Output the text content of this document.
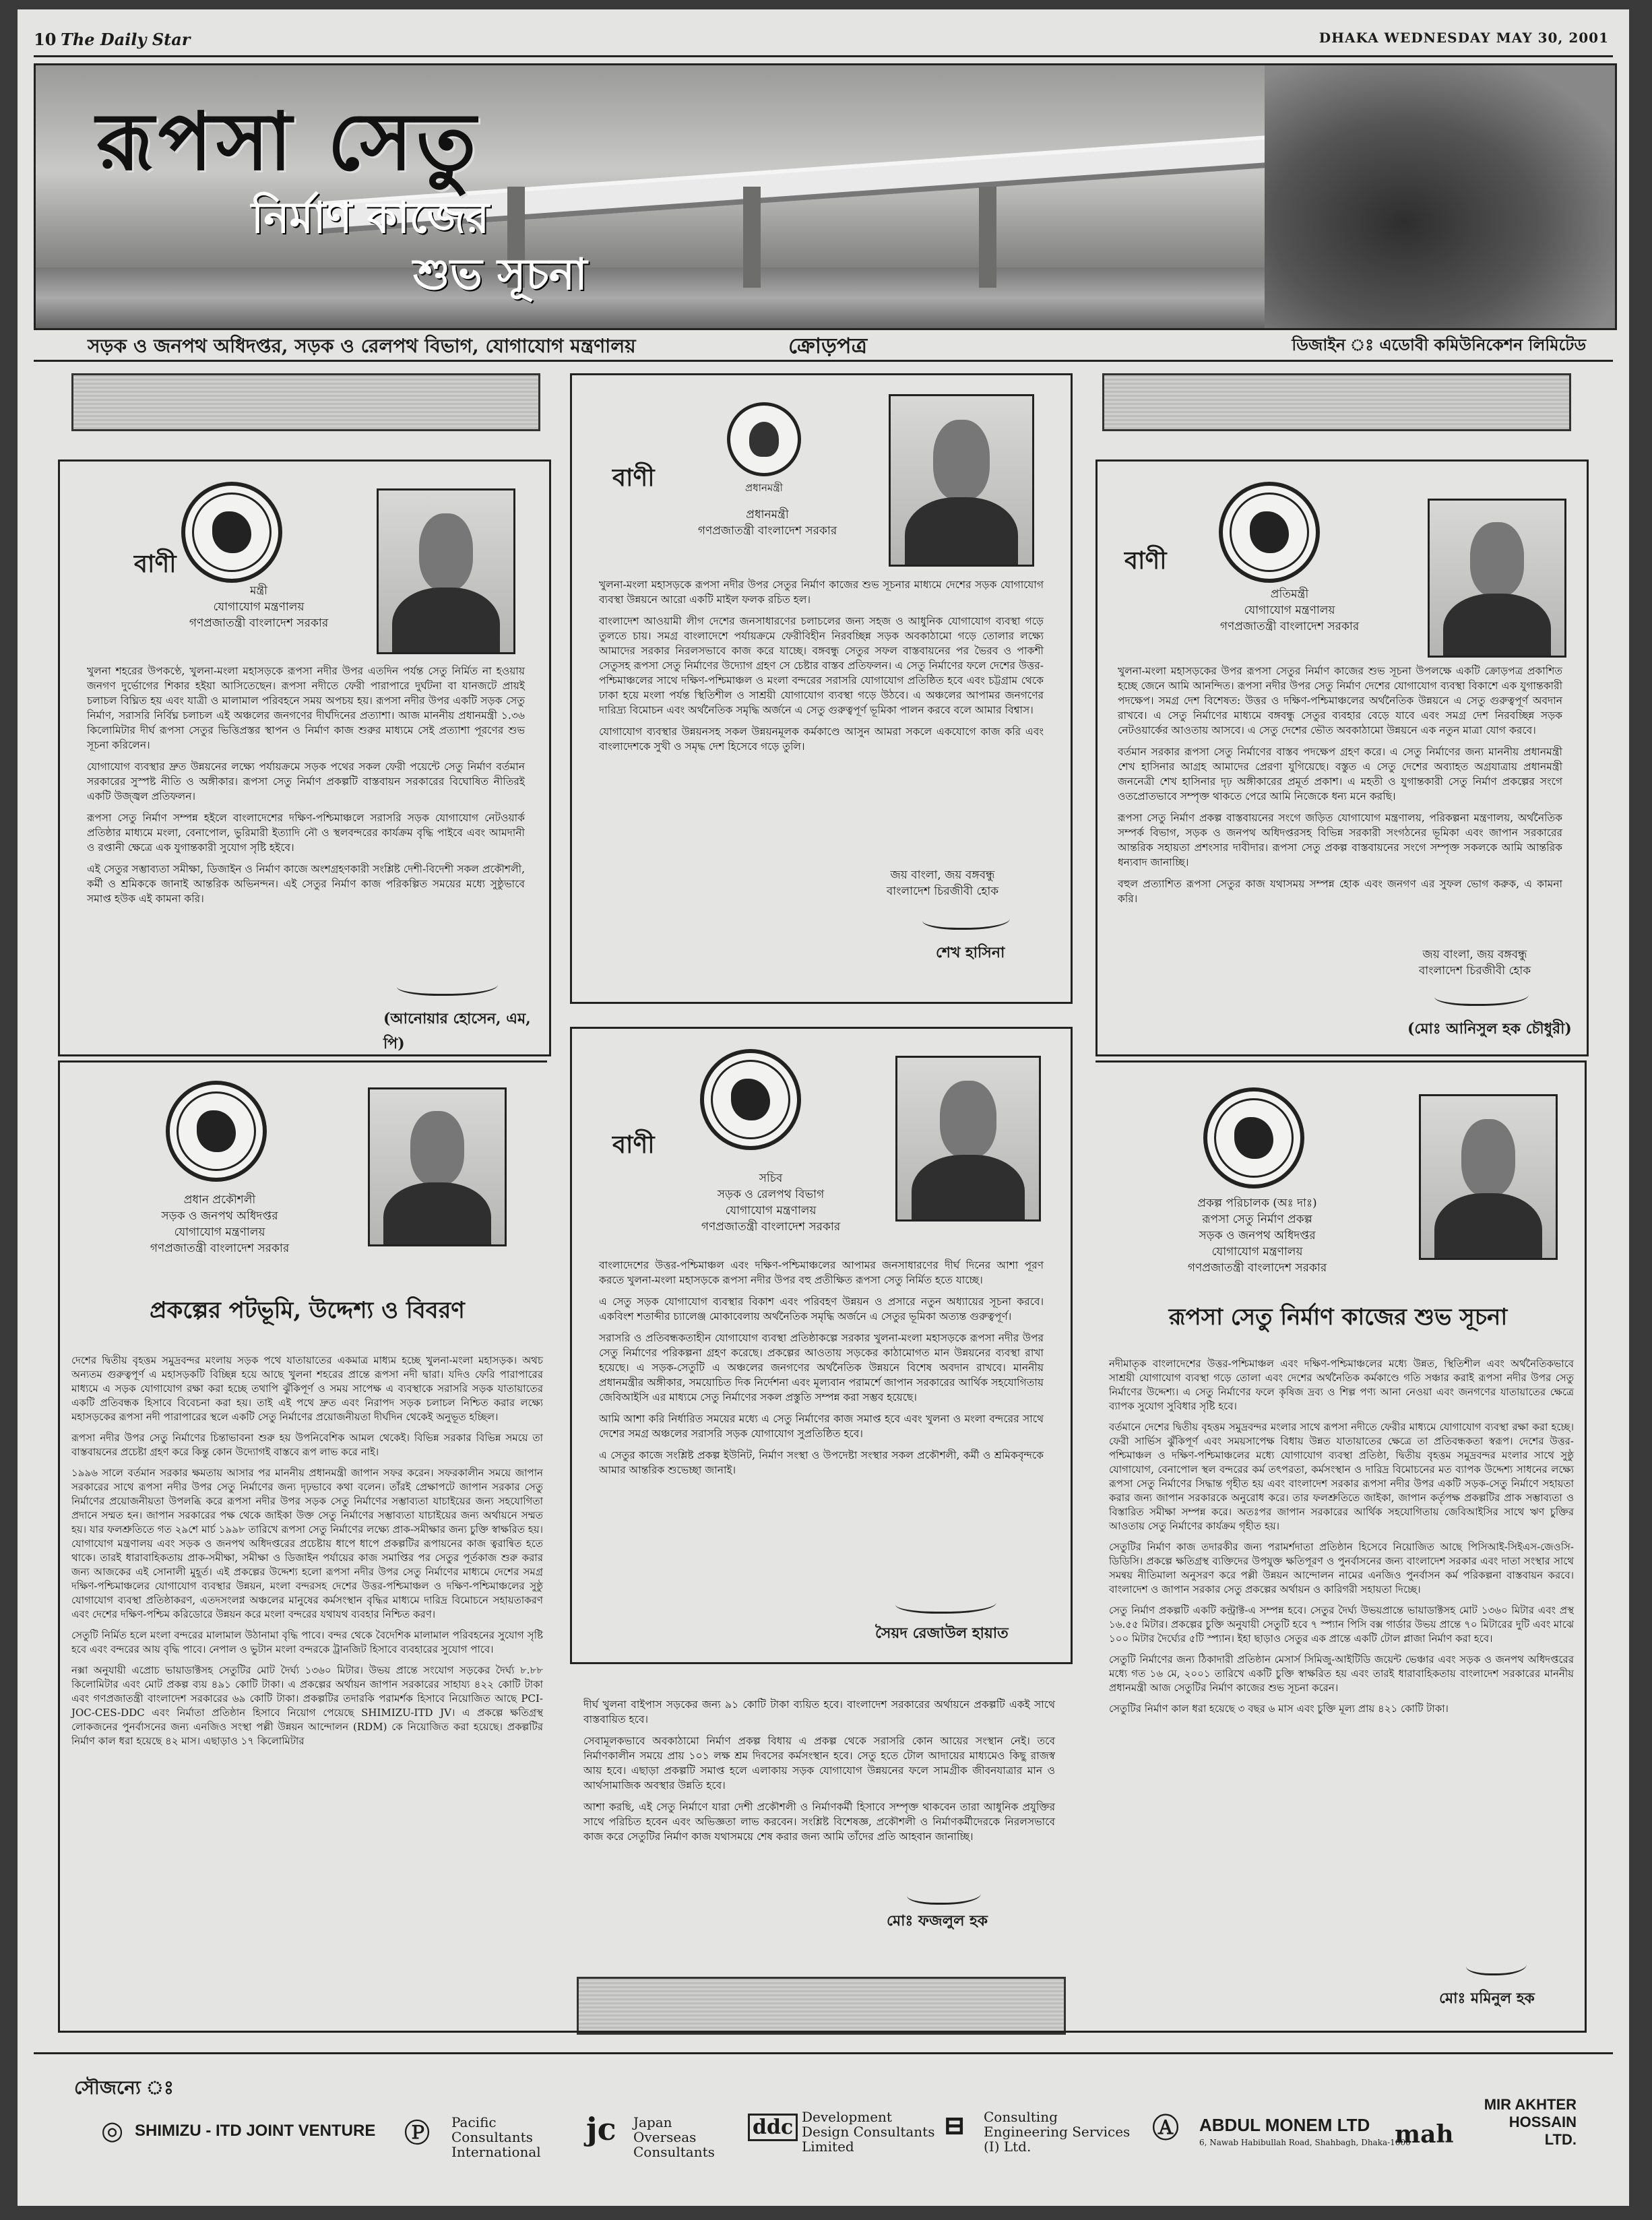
10 The Daily Star	DHAKA WEDNESDAY MAY 30, 2001
রূপসা সেতু
নির্মাণ কাজের
শুভ সূচনা
সড়ক ও জনপথ অধিদপ্তর, সড়ক ও রেলপথ বিভাগ, যোগাযোগ মন্ত্রণালয়	ক্রোড়পত্র	ডিজাইন ঃ এডোবী কমিউনিকেশন লিমিটেড
বাণী
মন্ত্রী
যোগাযোগ মন্ত্রণালয়
গণপ্রজাতন্ত্রী বাংলাদেশ সরকার

খুলনা শহরের উপকণ্ঠে, খুলনা-মংলা মহাসড়কে রূপসা নদীর উপর এতদিন পর্যন্ত সেতু নির্মিত না হওয়ায় জনগণ দুর্ভোগের শিকার হইয়া আসিতেছেন। রূপসা নদীতে ফেরী পারাপারে দুর্ঘটনা বা যানজটে প্রায়ই চলাচল বিঘ্নিত হয় এবং যাত্রী ও মালামাল পরিবহনে সময় অপচয় হয়। রূপসা নদীর উপর একটি সড়ক সেতু নির্মাণ, সরাসরি নির্বিঘ্ন চলাচল এই অঞ্চলের জনগণের দীর্ঘদিনের প্রত্যাশা। আজ মাননীয় প্রধানমন্ত্রী ১.৩৬ কিলোমিটার দীর্ঘ রূপসা সেতুর ভিত্তিপ্রস্তর স্থাপন ও নির্মাণ কাজ শুরুর মাধ্যমে সেই প্রত্যাশা পূরণের শুভ সূচনা করিলেন।

যোগাযোগ ব্যবস্থার দ্রুত উন্নয়নের লক্ষ্যে পর্যায়ক্রমে সড়ক পথের সকল ফেরী পয়েন্টে সেতু নির্মাণ বর্তমান সরকারের সুস্পষ্ট নীতি ও অঙ্গীকার। রূপসা সেতু নির্মাণ প্রকল্পটি বাস্তবায়ন সরকারের বিঘোষিত নীতিরই একটি উজ্জ্বল প্রতিফলন।

রূপসা সেতু নির্মাণ সম্পন্ন হইলে বাংলাদেশের দক্ষিণ-পশ্চিমাঞ্চলে সরাসরি সড়ক যোগাযোগ নেটওয়ার্ক প্রতিষ্ঠার মাধ্যমে মংলা, বেনাপোল, ভুরিমারী ইত্যাদি নৌ ও স্থলবন্দরের কার্যক্রম বৃদ্ধি পাইবে এবং আমদানী ও রপ্তানী ক্ষেত্রে এক যুগান্তকারী সুযোগ সৃষ্টি হইবে।

এই সেতুর সম্ভাব্যতা সমীক্ষা, ডিজাইন ও নির্মাণ কাজে অংশগ্রহণকারী সংশ্লিষ্ট দেশী-বিদেশী সকল প্রকৌশলী, কর্মী ও শ্রমিককে জানাই আন্তরিক অভিনন্দন। এই সেতুর নির্মাণ কাজ পরিকল্পিত সময়ের মধ্যে সুষ্ঠুভাবে সমাপ্ত হউক এই কামনা করি।

(আনোয়ার হোসেন, এম, পি)
প্রধানমন্ত্রী
বাণী
প্রধানমন্ত্রী
গণপ্রজাতন্ত্রী বাংলাদেশ সরকার

খুলনা-মংলা মহাসড়কে রূপসা নদীর উপর সেতুর নির্মাণ কাজের শুভ সূচনার মাধ্যমে দেশের সড়ক যোগাযোগ ব্যবস্থা উন্নয়নে আরো একটি মাইল ফলক রচিত হল।

বাংলাদেশ আওয়ামী লীগ দেশের জনসাধারণের চলাচলের জন্য সহজ ও আধুনিক যোগাযোগ ব্যবস্থা গড়ে তুলতে চায়। সমগ্র বাংলাদেশে পর্যায়ক্রমে ফেরীবিহীন নিরবচ্ছিন্ন সড়ক অবকাঠামো গড়ে তোলার লক্ষ্যে আমাদের সরকার নিরলসভাবে কাজ করে যাচ্ছে। বঙ্গবন্ধু সেতুর সফল বাস্তবায়নের পর ভৈরব ও পাকশী সেতুসহ রূপসা সেতু নির্মাণের উদ্যোগ গ্রহণ সে চেষ্টার বাস্তব প্রতিফলন। এ সেতু নির্মাণের ফলে দেশের উত্তর-পশ্চিমাঞ্চলের সাথে দক্ষিণ-পশ্চিমাঞ্চল ও মংলা বন্দরের সরাসরি যোগাযোগ প্রতিষ্ঠিত হবে এবং চট্টগ্রাম থেকে ঢাকা হয়ে মংলা পর্যন্ত স্থিতিশীল ও সাশ্রয়ী যোগাযোগ ব্যবস্থা গড়ে উঠবে। এ অঞ্চলের আপামর জনগণের দারিদ্র্য বিমোচন এবং অর্থনৈতিক সমৃদ্ধি অর্জনে এ সেতু গুরুত্বপূর্ণ ভূমিকা পালন করবে বলে আমার বিশ্বাস।

যোগাযোগ ব্যবস্থার উন্নয়নসহ সকল উন্নয়নমূলক কর্মকাণ্ডে আসুন আমরা সকলে একযোগে কাজ করি এবং বাংলাদেশকে সুখী ও সমৃদ্ধ দেশ হিসেবে গড়ে তুলি।

জয় বাংলা, জয় বঙ্গবন্ধু
বাংলাদেশ চিরজীবী হোক
শেখ হাসিনা
বাণী
প্রতিমন্ত্রী
যোগাযোগ মন্ত্রণালয়
গণপ্রজাতন্ত্রী বাংলাদেশ সরকার

খুলনা-মংলা মহাসড়কের উপর রূপসা সেতুর নির্মাণ কাজের শুভ সূচনা উপলক্ষে একটি ক্রোড়পত্র প্রকাশিত হচ্ছে জেনে আমি আনন্দিত। রূপসা নদীর উপর সেতু নির্মাণ দেশের যোগাযোগ ব্যবস্থা বিকাশে এক যুগান্তকারী পদক্ষেপ। সমগ্র দেশ বিশেষত: উত্তর ও দক্ষিণ-পশ্চিমাঞ্চলের অর্থনৈতিক উন্নয়নে এ সেতু গুরুত্বপূর্ণ অবদান রাখবে। এ সেতু নির্মাণের মাধ্যমে বঙ্গবন্ধু সেতুর ব্যবহার বেড়ে যাবে এবং সমগ্র দেশ নিরবচ্ছিন্ন সড়ক নেটওয়ার্কের আওতায় আসবে। এ সেতু দেশের ভৌত অবকাঠামো উন্নয়নে এক নতুন মাত্রা যোগ করবে।

বর্তমান সরকার রূপসা সেতু নির্মাণের বাস্তব পদক্ষেপ গ্রহণ করে। এ সেতু নির্মাণের জন্য মাননীয় প্রধানমন্ত্রী শেখ হাসিনার আগ্রহ আমাদের প্রেরণা যুগিয়েছে। বস্তুত এ সেতু দেশের অব্যাহত অগ্রযাত্রায় প্রধানমন্ত্রী জননেত্রী শেখ হাসিনার দৃঢ় অঙ্গীকারের প্রমূর্ত প্রকাশ। এ মহতী ও যুগান্তকারী সেতু নির্মাণ প্রকল্পের সংগে ওতপ্রোতভাবে সম্পৃক্ত থাকতে পেরে আমি নিজেকে ধন্য মনে করছি।

রূপসা সেতু নির্মাণ প্রকল্প বাস্তবায়নের সংগে জড়িত যোগাযোগ মন্ত্রণালয়, পরিকল্পনা মন্ত্রণালয়, অর্থনৈতিক সম্পর্ক বিভাগ, সড়ক ও জনপথ অধিদপ্তরসহ বিভিন্ন সরকারী সংগঠনের ভূমিকা এবং জাপান সরকারের আন্তরিক সহায়তা প্রশংসার দাবীদার। রূপসা সেতু প্রকল্প বাস্তবায়নের সংগে সম্পৃক্ত সকলকে আমি আন্তরিক ধন্যবাদ জানাচ্ছি।

বহুল প্রত্যাশিত রূপসা সেতুর কাজ যথাসময় সম্পন্ন হোক এবং জনগণ এর সুফল ভোগ করুক, এ কামনা করি।

জয় বাংলা, জয় বঙ্গবন্ধু
বাংলাদেশ চিরজীবী হোক
(মোঃ আনিসুল হক চৌধুরী)
প্রধান প্রকৌশলী
সড়ক ও জনপথ অধিদপ্তর
যোগাযোগ মন্ত্রণালয়
গণপ্রজাতন্ত্রী বাংলাদেশ সরকার
প্রকল্পের পটভূমি, উদ্দেশ্য ও বিবরণ

দেশের দ্বিতীয় বৃহত্তম সমুদ্রবন্দর মংলায় সড়ক পথে যাতায়াতের একমাত্র মাধ্যম হচ্ছে খুলনা-মংলা মহাসড়ক। অথচ অন্যতম গুরুত্বপূর্ণ এ মহাসড়কটি বিচ্ছিন্ন হয়ে আছে খুলনা শহরের প্রান্তে রূপসা নদী দ্বারা। যদিও ফেরি পারাপারের মাধ্যমে এ সড়ক যোগাযোগ রক্ষা করা হচ্ছে তথাপি ঝুঁকিপূর্ণ ও সময় সাপেক্ষ এ ব্যবস্থাকে সরাসরি সড়ক যাতায়াতের একটি প্রতিবন্ধক হিসাবে বিবেচনা করা হয়। তাই এই পথে দ্রুত এবং নিরাপদ সড়ক চলাচল নিশ্চিত করার লক্ষ্যে মহাসড়কের রূপসা নদী পারাপারের স্থলে একটি সেতু নির্মাণের প্রয়োজনীয়তা দীর্ঘদিন থেকেই অনুভূত হচ্ছিল।

রূপসা নদীর উপর সেতু নির্মাণের চিন্তাভাবনা শুরু হয় উপনিবেশিক আমল থেকেই। বিভিন্ন সরকার বিভিন্ন সময়ে তা বাস্তবায়নের প্রচেষ্টা গ্রহণ করে কিন্তু কোন উদ্যোগই বাস্তবে রূপ লাভ করে নাই।

১৯৯৬ সালে বর্তমান সরকার ক্ষমতায় আসার পর মাননীয় প্রধানমন্ত্রী জাপান সফর করেন। সফরকালীন সময়ে জাপান সরকারের সাথে রূপসা নদীর উপর সেতু নির্মাণের জন্য দৃঢ়ভাবে কথা বলেন। তাঁরই প্রেক্ষাপটে জাপান সরকার সেতু নির্মাণের প্রয়োজনীয়তা উপলব্ধি করে রূপসা নদীর উপর সড়ক সেতু নির্মাণের সম্ভাব্যতা যাচাইয়ের জন্য সহযোগিতা প্রদানে সম্মত হন। জাপান সরকারের পক্ষ থেকে জাইকা উক্ত সেতু নির্মাণের সম্ভাব্যতা যাচাইয়ের জন্য অর্থায়নে সম্মত হয়। যার ফলশ্রুতিতে গত ২৯শে মার্চ ১৯৯৮ তারিখে রূপসা সেতু নির্মাণের লক্ষ্যে প্রাক-সমীক্ষার জন্য চুক্তি স্বাক্ষরিত হয়। যোগাযোগ মন্ত্রণালয় এবং সড়ক ও জনপথ অধিদপ্তরের প্রচেষ্টায় ধাপে ধাপে প্রকল্পটির রূপায়নের কাজ ত্বরান্বিত হতে থাকে। তারই ধারাবাহিকতায় প্রাক-সমীক্ষা, সমীক্ষা ও ডিজাইন পর্যায়ের কাজ সমাপ্তির পর সেতুর পূর্তকাজ শুরু করার জন্য আজকের এই সোনালী মুহূর্ত। এই প্রকল্পের উদ্দেশ্য হলো রূপসা নদীর উপর সেতু নির্মাণের মাধ্যমে দেশের সমগ্র দক্ষিণ-পশ্চিমাঞ্চলের যোগাযোগ ব্যবস্থার উন্নয়ন, মংলা বন্দরসহ দেশের উত্তর-পশ্চিমাঞ্চল ও দক্ষিণ-পশ্চিমাঞ্চলের সুষ্ঠু যোগাযোগ ব্যবস্থা প্রতিষ্ঠাকরণ, এতদসংলগ্ন অঞ্চলের মানুষের কর্মসংস্থান বৃদ্ধির মাধ্যমে দারিদ্র বিমোচনে সহায়তাকরণ এবং দেশের দক্ষিণ-পশ্চিম করিডোরে উন্নয়ন করে মংলা বন্দরের যথাযথ ব্যবহার নিশ্চিত করণ।

সেতুটি নির্মিত হলে মংলা বন্দরের মালামাল উঠানামা বৃদ্ধি পাবে। বন্দর থেকে বৈদেশিক মালামাল পরিবহনের সুযোগ সৃষ্টি হবে এবং বন্দরের আয় বৃদ্ধি পাবে। নেপাল ও ভুটান মংলা বন্দরকে ট্রানজিট হিসাবে ব্যবহারের সুযোগ পাবে।

নক্সা অনুযায়ী এপ্রোচ ভায়াডাক্টসহ সেতুটির মোট দৈর্ঘ্য ১৩৬০ মিটার। উভয় প্রান্তে সংযোগ সড়কের দৈর্ঘ্য ৮.৮৮ কিলোমিটার এবং মোট প্রকল্প ব্যয় ৪৯১ কোটি টাকা। এ প্রকল্পের অর্থায়ন জাপান সরকারের সাহায্য ৪২২ কোটি টাকা এবং গণপ্রজাতন্ত্রী বাংলাদেশ সরকারের ৬৯ কোটি টাকা। প্রকল্পটির তদারকি পরামর্শক হিসাবে নিয়োজিত আছে PCI-JOC-CES-DDC এবং নির্মাতা প্রতিষ্ঠান হিসাবে নিয়োগ পেয়েছে SHIMIZU-ITD JV। এ প্রকল্পে ক্ষতিগ্রস্থ লোকজনের পুনর্বাসনের জন্য এনজিও সংস্থা পল্লী উন্নয়ন আন্দোলন (RDM) কে নিয়োজিত করা হয়েছে। প্রকল্পটির নির্মাণ কাল ধরা হয়েছে ৪২ মাস। এছাড়াও ১৭ কিলোমিটার

বাণী
সচিব
সড়ক ও রেলপথ বিভাগ
যোগাযোগ মন্ত্রণালয়
গণপ্রজাতন্ত্রী বাংলাদেশ সরকার

বাংলাদেশের উত্তর-পশ্চিমাঞ্চল এবং দক্ষিণ-পশ্চিমাঞ্চলের আপামর জনসাধারণের দীর্ঘ দিনের আশা পূরণ করতে খুলনা-মংলা মহাসড়কে রূপসা নদীর উপর বহু প্রতীক্ষিত রূপসা সেতু নির্মিত হতে যাচ্ছে।

এ সেতু সড়ক যোগাযোগ ব্যবস্থার বিকাশ এবং পরিবহণ উন্নয়ন ও প্রসারে নতুন অধ্যায়ের সূচনা করবে। একবিংশ শতাব্দীর চ্যালেঞ্জ মোকাবেলায় অর্থনৈতিক সমৃদ্ধি অর্জনে এ সেতুর ভূমিকা অত্যন্ত গুরুত্বপূর্ণ।

সরাসরি ও প্রতিবন্ধকতাহীন যোগাযোগ ব্যবস্থা প্রতিষ্ঠাকল্পে সরকার খুলনা-মংলা মহাসড়কে রূপসা নদীর উপর সেতু নির্মাণের পরিকল্পনা গ্রহণ করেছে। প্রকল্পের আওতায় সড়কের কাঠামোগত মান উন্নয়নের ব্যবস্থা রাখা হয়েছে। এ সড়ক-সেতুটি এ অঞ্চলের জনগণের অর্থনৈতিক উন্নয়নে বিশেষ অবদান রাখবে। মাননীয় প্রধানমন্ত্রীর অঙ্গীকার, সময়োচিত দিক নির্দেশনা এবং মূল্যবান পরামর্শে জাপান সরকারের আর্থিক সহযোগিতায় জেবিআইসি এর মাধ্যমে সেতু নির্মাণের সকল প্রস্তুতি সম্পন্ন করা সম্ভব হয়েছে।

আমি আশা করি নির্ধারিত সময়ের মধ্যে এ সেতু নির্মাণের কাজ সমাপ্ত হবে এবং খুলনা ও মংলা বন্দরের সাথে দেশের সমগ্র অঞ্চলের সরাসরি সড়ক যোগাযোগ সুপ্রতিষ্ঠিত হবে।

এ সেতুর কাজে সংশ্লিষ্ট প্রকল্প ইউনিট, নির্মাণ সংস্থা ও উপদেষ্টা সংস্থার সকল প্রকৌশলী, কর্মী ও শ্রমিকবৃন্দকে আমার আন্তরিক শুভেচ্ছা জানাই।

সৈয়দ রেজাউল হায়াত

দীর্ঘ খুলনা বাইপাস সড়কের জন্য ৯১ কোটি টাকা ব্যয়িত হবে। বাংলাদেশ সরকারের অর্থায়নে প্রকল্পটি একই সাথে বাস্তবায়িত হবে।

সেবামূলকভাবে অবকাঠামো নির্মাণ প্রকল্প বিধায় এ প্রকল্প থেকে সরাসরি কোন আয়ের সংস্থান নেই। তবে নির্মাণকালীন সময়ে প্রায় ১০১ লক্ষ শ্রম দিবসের কর্মসংস্থান হবে। সেতু হতে টোল আদায়ের মাধ্যমেও কিছু রাজস্ব আয় হবে। এছাড়া প্রকল্পটি সমাপ্ত হলে এলাকায় সড়ক যোগাযোগ উন্নয়নের ফলে সামগ্রীক জীবনযাত্রার মান ও আর্থসামাজিক অবস্থার উন্নতি হবে।

আশা করছি, এই সেতু নির্মাণে যারা দেশী প্রকৌশলী ও নির্মাণকর্মী হিসাবে সম্পৃক্ত থাকবেন তারা আধুনিক প্রযুক্তির সাথে পরিচিত হবেন এবং অভিজ্ঞতা লাভ করবেন। সংশ্লিষ্ট বিশেষজ্ঞ, প্রকৌশলী ও নির্মাণকর্মীদেরকে নিরলসভাবে কাজ করে সেতুটির নির্মাণ কাজ যথাসময়ে শেষ করার জন্য আমি তাঁদের প্রতি আহবান জানাচ্ছি।

মোঃ ফজলুল হক
প্রকল্প পরিচালক (অঃ দাঃ)
রূপসা সেতু নির্মাণ প্রকল্প
সড়ক ও জনপথ অধিদপ্তর
যোগাযোগ মন্ত্রণালয়
গণপ্রজাতন্ত্রী বাংলাদেশ সরকার
রূপসা সেতু নির্মাণ কাজের শুভ সূচনা

নদীমাতৃক বাংলাদেশের উত্তর-পশ্চিমাঞ্চল এবং দক্ষিণ-পশ্চিমাঞ্চলের মধ্যে উন্নত, স্থিতিশীল এবং অর্থনৈতিকভাবে সাশ্রয়ী যোগাযোগ ব্যবস্থা গড়ে তোলা এবং দেশের অর্থনৈতিক কর্মকাণ্ডে গতি সঞ্চার করাই রূপসা নদীর উপর সেতু নির্মাণের উদ্দেশ্য। এ সেতু নির্মাণের ফলে কৃষিজ দ্রব্য ও শিল্প পণ্য আনা নেওয়া এবং জনগণের যাতায়াতের ক্ষেত্রে ব্যাপক সুযোগ সুবিধার সৃষ্টি হবে।

বর্তমানে দেশের দ্বিতীয় বৃহত্তম সমুদ্রবন্দর মংলার সাথে রূপসা নদীতে ফেরীর মাধ্যমে যোগাযোগ ব্যবস্থা রক্ষা করা হচ্ছে। ফেরী সার্ভিস ঝুঁকিপূর্ণ এবং সময়সাপেক্ষ বিধায় উন্নত যাতায়াতের ক্ষেত্রে তা প্রতিবন্ধকতা স্বরূপ। দেশের উত্তর-পশ্চিমাঞ্চল ও দক্ষিণ-পশ্চিমাঞ্চলের মধ্যে যোগাযোগ ব্যবস্থা প্রতিষ্ঠা, দ্বিতীয় বৃহত্তম সমুদ্রবন্দর মংলার সাথে সুষ্ঠু যোগাযোগ, বেনাপোল স্থল বন্দরের কর্ম তৎপরতা, কর্মসংস্থান ও দারিদ্র বিমোচনের মত ব্যাপক উদ্দেশ্য সাধনের লক্ষ্যে রূপসা সেতু নির্মাণের সিদ্ধান্ত গৃহীত হয় এবং বাংলাদেশ সরকার রূপসা নদীর উপর একটি সড়ক-সেতু নির্মাণে সহায়তা করার জন্য জাপান সরকারকে অনুরোধ করে। তার ফলশ্রুতিতে জাইকা, জাপান কর্তৃপক্ষ প্রকল্পটির প্রাক সম্ভাব্যতা ও বিস্তারিত সমীক্ষা সম্পন্ন করে। অতঃপর জাপান সরকারের আর্থিক সহযোগিতায় জেবিআইসির সাথে ঋণ চুক্তির আওতায় সেতু নির্মাণের কার্যক্রম গৃহীত হয়।

সেতুটির নির্মাণ কাজ তদারকীর জন্য পরামর্শদাতা প্রতিষ্ঠান হিসেবে নিয়োজিত আছে পিসিআই-সিইএস-জেওসি-ডিডিসি। প্রকল্পে ক্ষতিগ্রস্থ ব্যক্তিদের উপযুক্ত ক্ষতিপূরণ ও পুনর্বাসনের জন্য বাংলাদেশ সরকার এবং দাতা সংস্থার সাথে সমন্বয় নীতিমালা অনুসরণ করে পল্লী উন্নয়ন আন্দোলন নামের এনজিও পুনর্বাসন কর্ম পরিকল্পনা বাস্তবায়ন করবে। বাংলাদেশ ও জাপান সরকার সেতু প্রকল্পের অর্থায়ন ও কারিগরী সহায়তা দিচ্ছে।

সেতু নির্মাণ প্রকল্পটি একটি কন্ট্রাক্ট-এ সম্পন্ন হবে। সেতুর দৈর্ঘ্য উভয়প্রান্তে ভায়াডাক্টসহ মোট ১৩৬০ মিটার এবং প্রস্থ ১৬.৫৫ মিটার। প্রকল্পের চুক্তি অনুযায়ী সেতুটি হবে ৭ স্প্যান পিসি বক্স গার্ডার উভয় প্রান্তে ৭০ মিটারের দুটি এবং মাঝে ১০০ মিটার দৈর্ঘ্যের ৫টি স্প্যান। ইহা ছাড়াও সেতুর এক প্রান্তে একটি টোল প্লাজা নির্মাণ করা হবে।

সেতুটি নির্মাণের জন্য ঠিকাদারী প্রতিষ্ঠান মেসার্স সিমিজু-আইটিডি জয়েন্ট ভেঞ্চার এবং সড়ক ও জনপথ অধিদপ্তরের মধ্যে গত ১৬ মে, ২০০১ তারিখে একটি চুক্তি স্বাক্ষরিত হয় এবং তারই ধারাবাহিকতায় বাংলাদেশ সরকারের মাননীয় প্রধানমন্ত্রী আজ সেতুটির নির্মাণ কাজের শুভ সূচনা করেন।

সেতুটির নির্মাণ কাল ধরা হয়েছে ৩ বছর ৬ মাস এবং চুক্তি মূল্য প্রায় ৪২১ কোটি টাকা।

মোঃ মমিনুল হক
সৌজন্যে ঃ
◎ SHIMIZU - ITD JOINT VENTURE Ⓟ Pacific Consultants International
jc Japan Overseas Consultants
ddc Development Design Consultants Limited
⊟ Consulting Engineering Services (I) Ltd.
Ⓐ ABDUL MONEM LTD
6, Nawab Habibullah Road, Shahbagh, Dhaka-1000
mah
MIR AKHTER HOSSAIN LTD.
